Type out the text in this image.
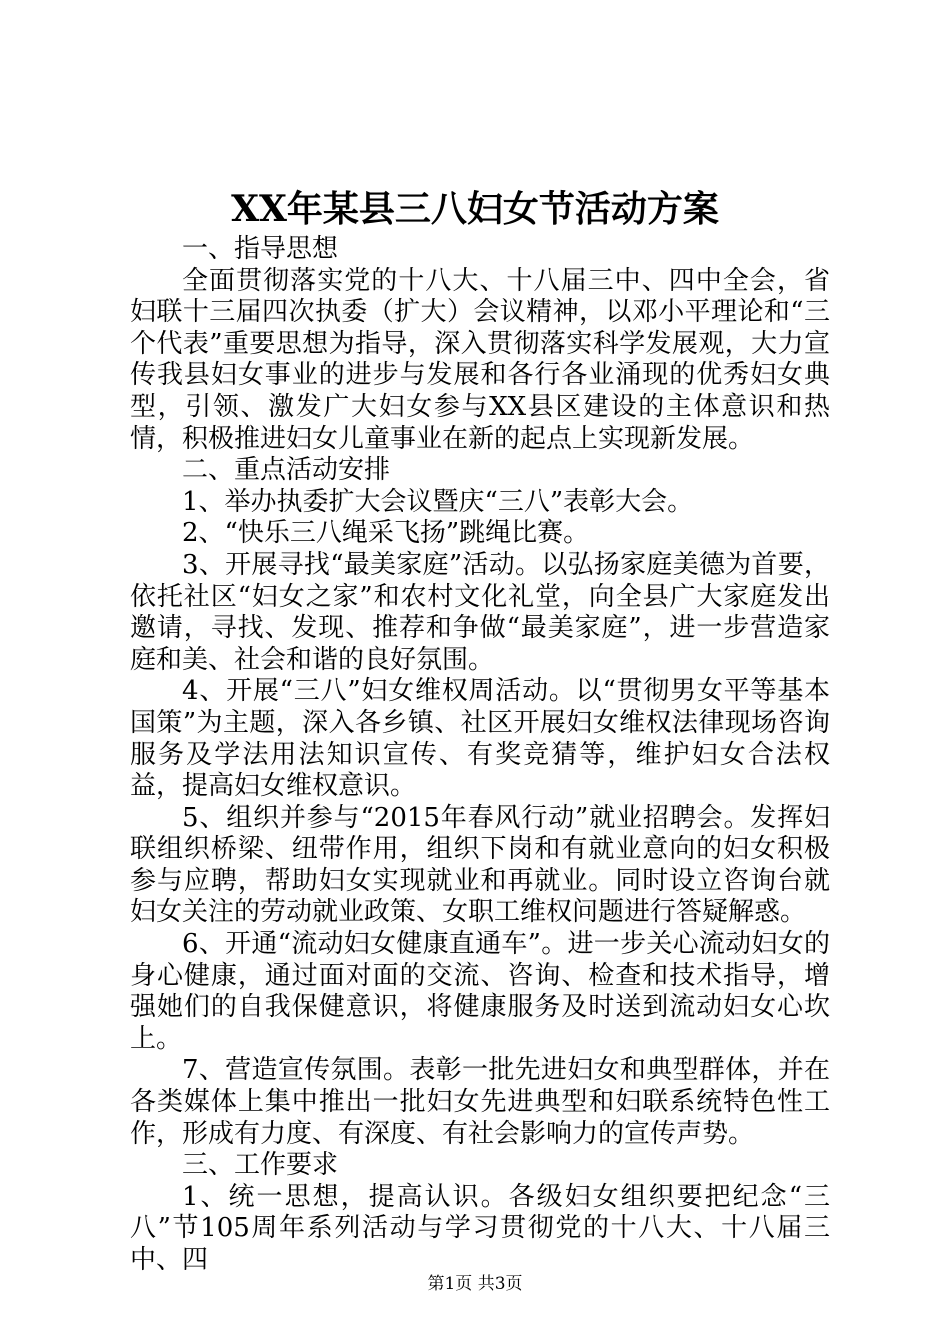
XX年某县三八妇女节活动方案

一、指导思想

全面贯彻落实党的十八大、十八届三中、四中全会，省妇联十三届四次执委（扩大）会议精神，以邓小平理论和“三个代表”重要思想为指导，深入贯彻落实科学发展观，大力宣传我县妇女事业的进步与发展和各行各业涌现的优秀妇女典型，引领、激发广大妇女参与XX县区建设的主体意识和热情，积极推进妇女儿童事业在新的起点上实现新发展。

二、重点活动安排

1、举办执委扩大会议暨庆“三八”表彰大会。

2、“快乐三八绳采飞扬”跳绳比赛。

3、开展寻找“最美家庭”活动。以弘扬家庭美德为首要，依托社区“妇女之家”和农村文化礼堂，向全县广大家庭发出邀请，寻找、发现、推荐和争做“最美家庭”，进一步营造家庭和美、社会和谐的良好氛围。

4、开展“三八”妇女维权周活动。以“贯彻男女平等基本国策”为主题，深入各乡镇、社区开展妇女维权法律现场咨询服务及学法用法知识宣传、有奖竞猜等，维护妇女合法权益，提高妇女维权意识。

5、组织并参与“2015年春风行动”就业招聘会。发挥妇联组织桥梁、纽带作用，组织下岗和有就业意向的妇女积极参与应聘，帮助妇女实现就业和再就业。同时设立咨询台就妇女关注的劳动就业政策、女职工维权问题进行答疑解惑。

6、开通“流动妇女健康直通车”。进一步关心流动妇女的身心健康，通过面对面的交流、咨询、检查和技术指导，增强她们的自我保健意识，将健康服务及时送到流动妇女心坎上。

7、营造宣传氛围。表彰一批先进妇女和典型群体，并在各类媒体上集中推出一批妇女先进典型和妇联系统特色性工作，形成有力度、有深度、有社会影响力的宣传声势。

三、工作要求

1、统一思想，提高认识。各级妇女组织要把纪念“三八”节105周年系列活动与学习贯彻党的十八大、十八届三中、四

第1页 共3页
